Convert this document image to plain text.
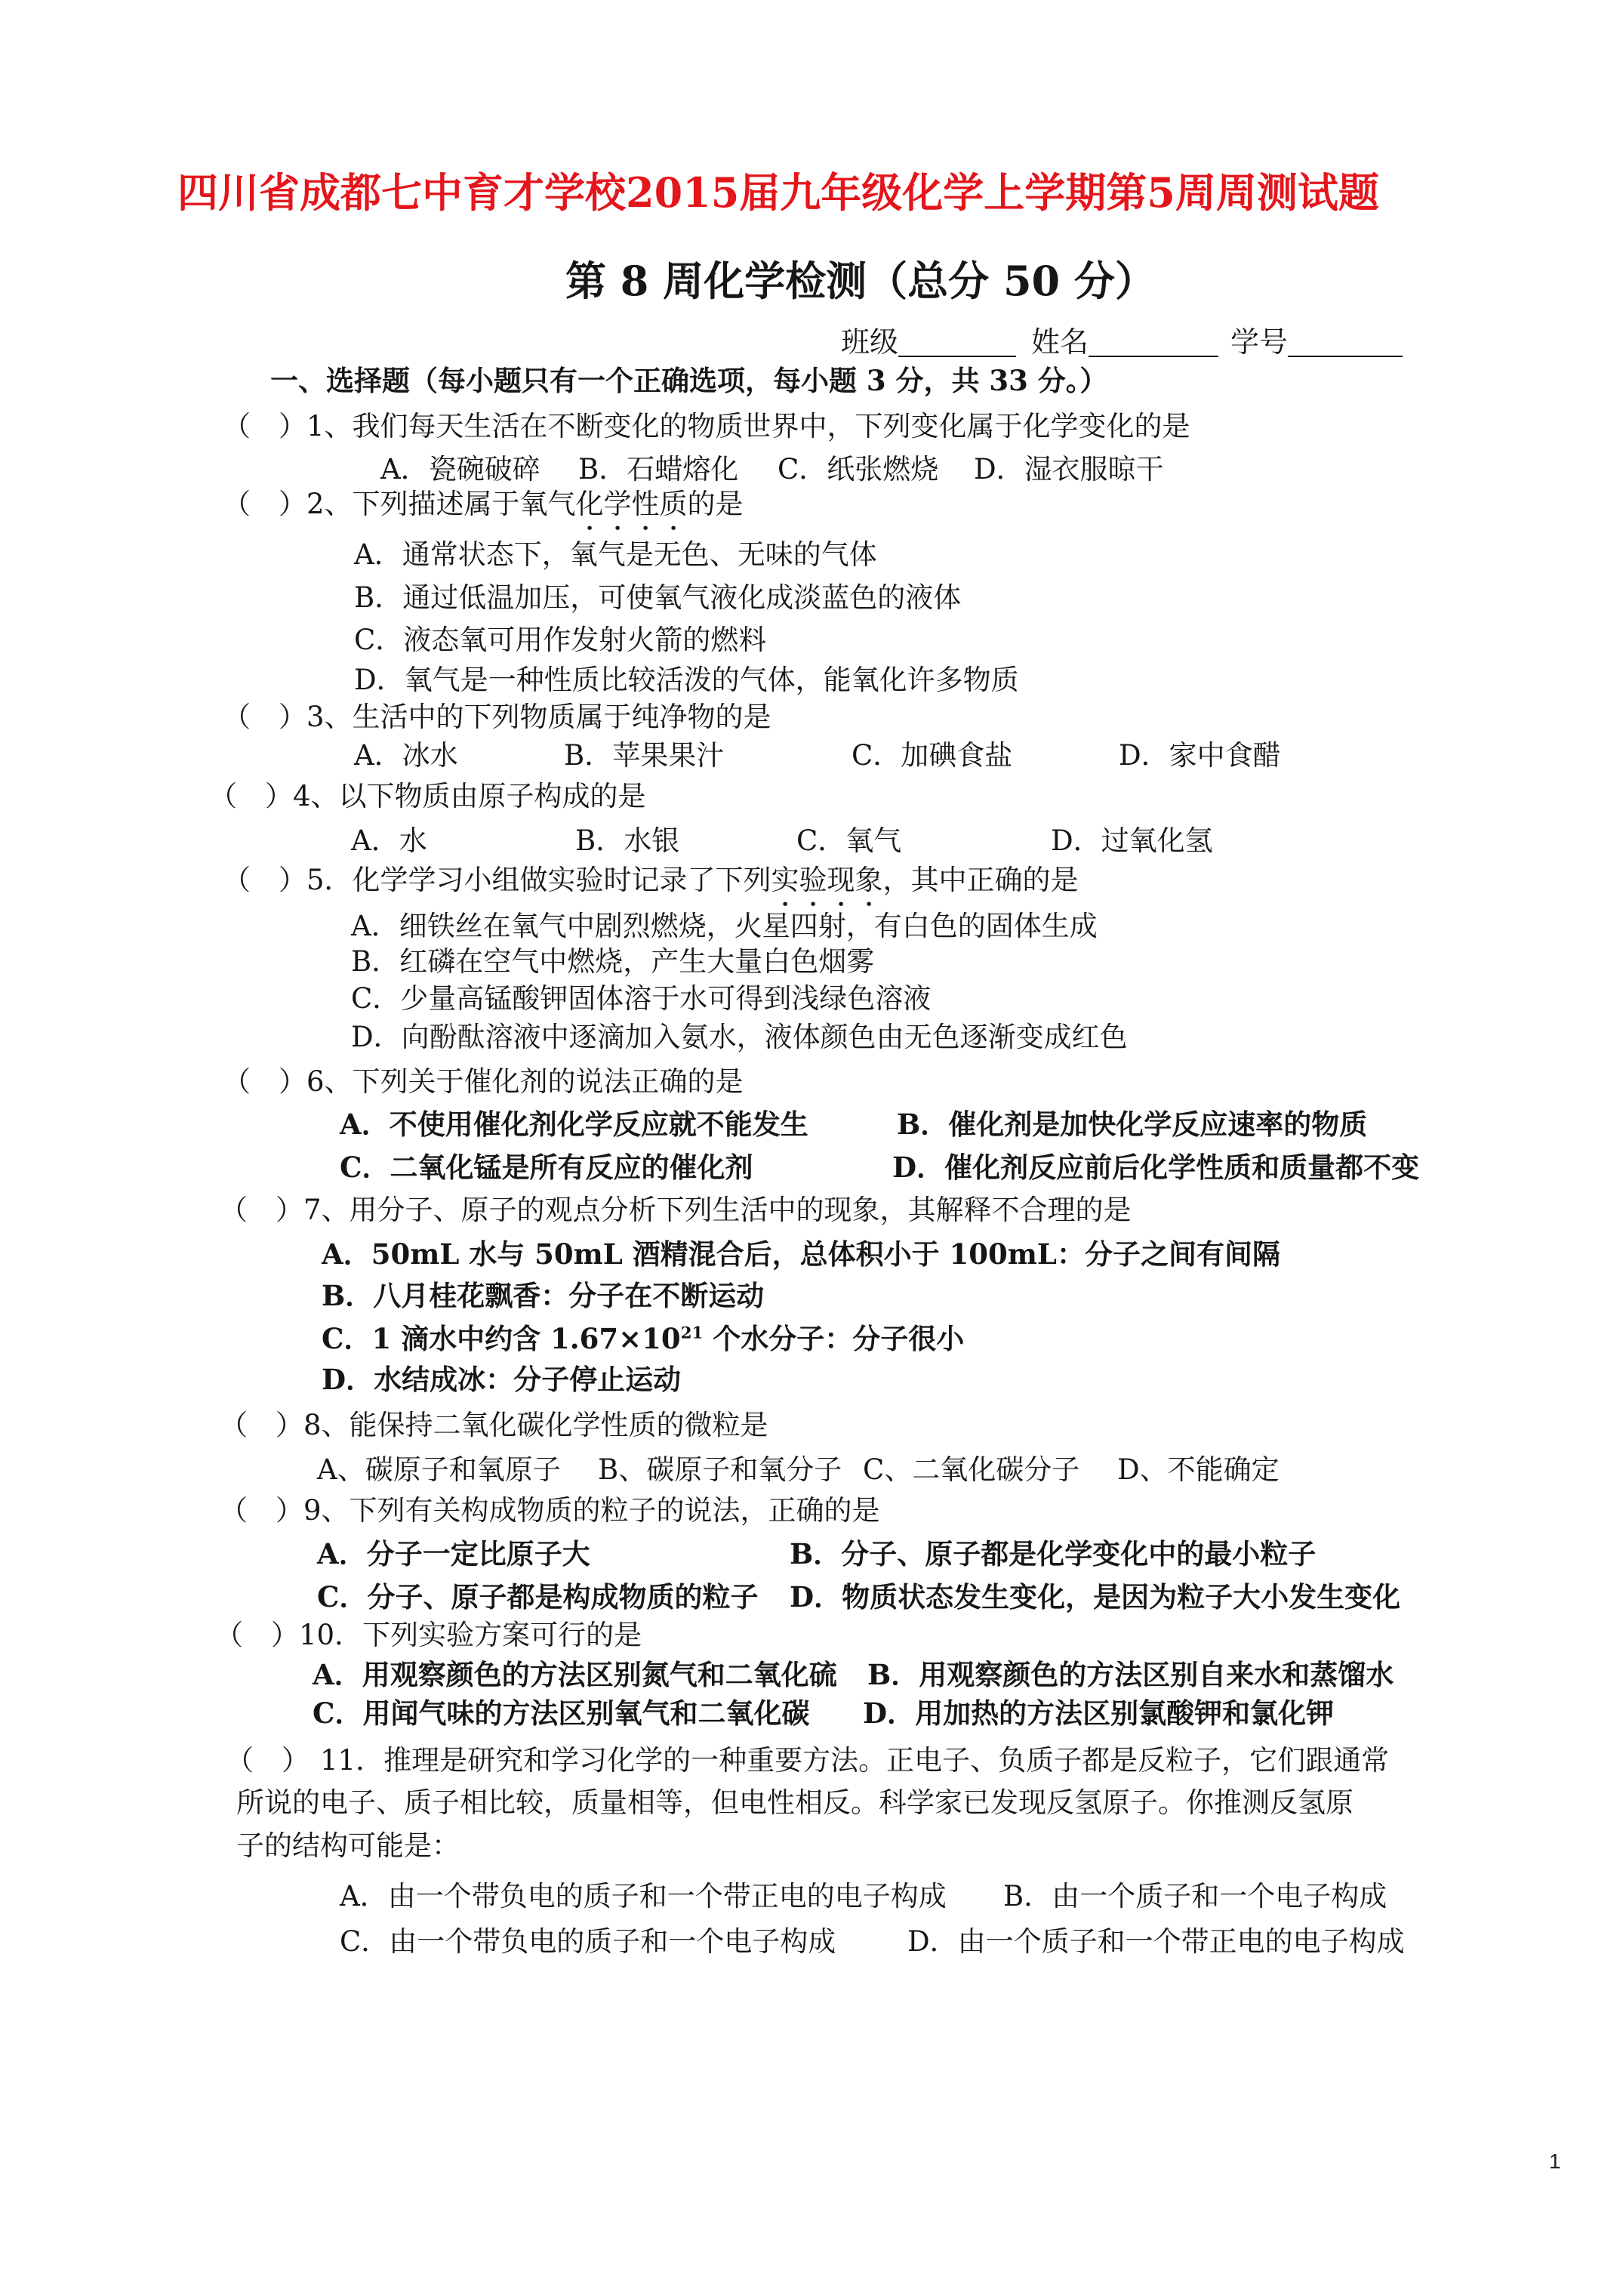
四川省成都七中育才学校2015届九年级化学上学期第5周周测试题
第 8 周化学检测（总分 50 分）
班级	姓名	学号
一、选择题（每小题只有一个正确选项，每小题 3 分，共 33 分。）
（　）1、我们每天生活在不断变化的物质世界中，下列变化属于化学变化的是
A．瓷碗破碎 B．石蜡熔化 C．纸张燃烧 D．湿衣服晾干
（　）2、下列描述属于氧气化学性质的是
A．通常状态下，氧气是无色、无味的气体
B．通过低温加压，可使氧气液化成淡蓝色的液体
C．液态氧可用作发射火箭的燃料
D．氧气是一种性质比较活泼的气体，能氧化许多物质
（　）3、生活中的下列物质属于纯净物的是
A．冰水	B．苹果果汁	C．加碘食盐	D．家中食醋
（　）4、以下物质由原子构成的是
A．水	B．水银	C．氧气	D．过氧化氢
（　）5．化学学习小组做实验时记录了下列实验现象，其中正确的是
A．细铁丝在氧气中剧烈燃烧，火星四射，有白色的固体生成
B．红磷在空气中燃烧，产生大量白色烟雾
C．少量高锰酸钾固体溶于水可得到浅绿色溶液
D．向酚酞溶液中逐滴加入氨水，液体颜色由无色逐渐变成红色
（　）6、下列关于催化剂的说法正确的是
A．不使用催化剂化学反应就不能发生	B．催化剂是加快化学反应速率的物质
C．二氧化锰是所有反应的催化剂	D．催化剂反应前后化学性质和质量都不变
（　）7、用分子、原子的观点分析下列生活中的现象，其解释不合理的是
A．50mL 水与 50mL 酒精混合后，总体积小于 100mL：分子之间有间隔
B．八月桂花飘香：分子在不断运动
C．1 滴水中约含 $1.67\times 10^{21}$ 个水分子：分子很小
D．水结成冰：分子停止运动
（　）8、能保持二氧化碳化学性质的微粒是
A、碳原子和氧原子 B、碳原子和氧分子 C、二氧化碳分子 D、不能确定
（　）9、下列有关构成物质的粒子的说法，正确的是
A．分子一定比原子大	B．分子、原子都是化学变化中的最小粒子
C．分子、原子都是构成物质的粒子 D．物质状态发生变化，是因为粒子大小发生变化
（　）10．下列实验方案可行的是
A．用观察颜色的方法区别氮气和二氧化硫 B．用观察颜色的方法区别自来水和蒸馏水
C．用闻气味的方法区别氧气和二氧化碳 D．用加热的方法区别氯酸钾和氯化钾
（　） 11．推理是研究和学习化学的一种重要方法。正电子、负质子都是反粒子，它们跟通常
所说的电子、质子相比较，质量相等，但电性相反。科学家已发现反氢原子。你推测反氢原
子的结构可能是：
A．由一个带负电的质子和一个带正电的电子构成 B．由一个质子和一个电子构成
C．由一个带负电的质子和一个电子构成	D．由一个质子和一个带正电的电子构成
1
